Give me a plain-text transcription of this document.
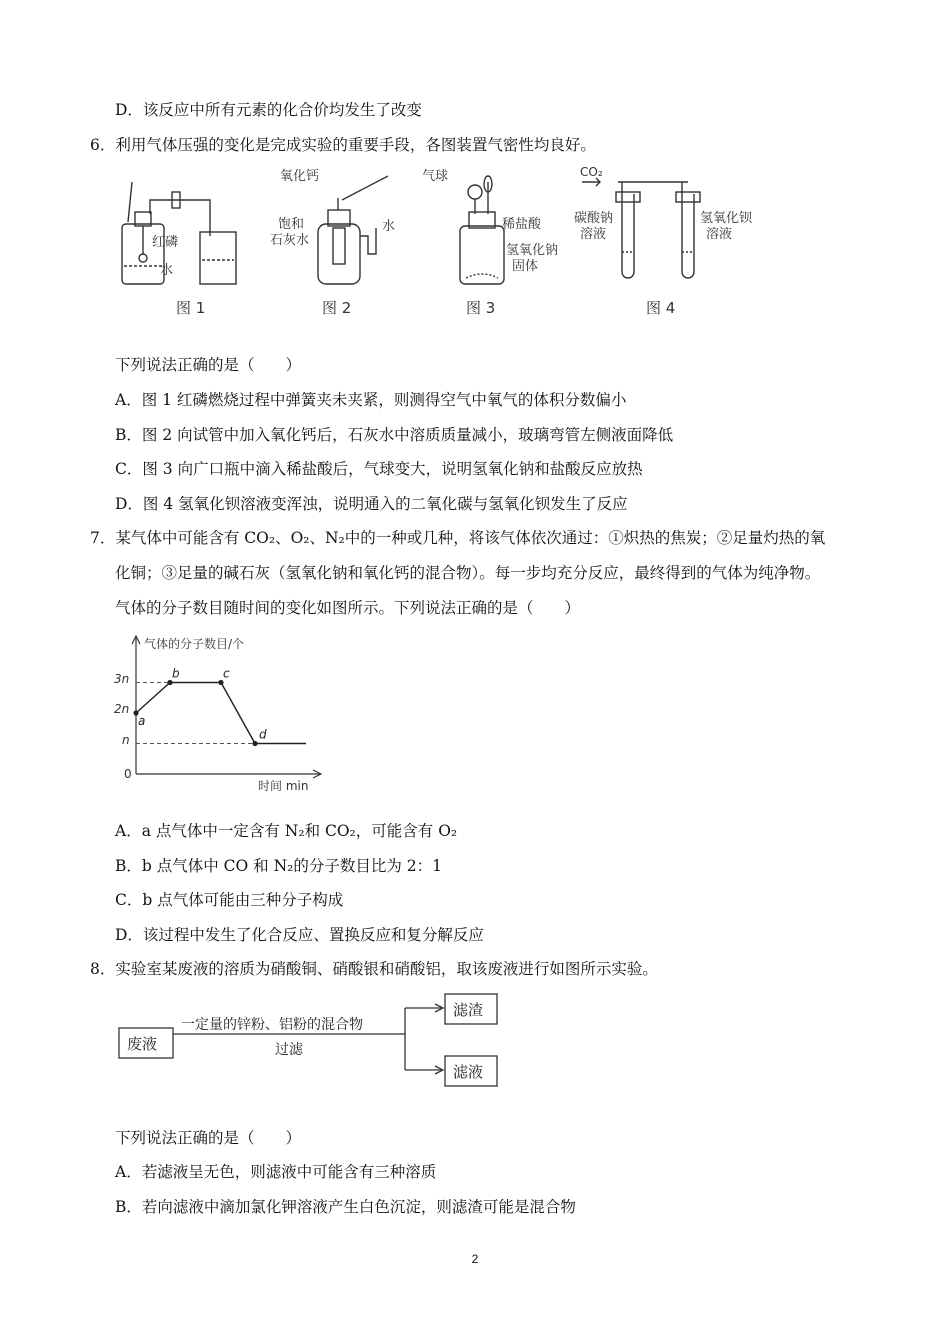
D．该反应中所有元素的化合价均发生了改变
6．利用气体压强的变化是完成实验的重要手段，各图装置气密性均良好。
红磷
水
氧化钙
饱和
石灰水
水
气球
稀盐酸
氢氧化钠
固体
图 1	图 2	图 3
CO₂
碳酸钠
溶液
氢氧化钡
溶液
图 4
下列说法正确的是（　　）
A．图 1 红磷燃烧过程中弹簧夹未夹紧，则测得空气中氧气的体积分数偏小
B．图 2 向试管中加入氧化钙后，石灰水中溶质质量减小，玻璃弯管左侧液面降低
C．图 3 向广口瓶中滴入稀盐酸后，气球变大，说明氢氧化钠和盐酸反应放热
D．图 4 氢氧化钡溶液变浑浊，说明通入的二氧化碳与氢氧化钡发生了反应
7．某气体中可能含有 CO₂、O₂、N₂中的一种或几种，将该气体依次通过：①炽热的焦炭；②足量灼热的氧
化铜；③足量的碱石灰（氢氧化钠和氧化钙的混合物）。每一步均充分反应，最终得到的气体为纯净物。
气体的分子数目随时间的变化如图所示。下列说法正确的是（　　）
气体的分子数目/个
时间 min
3n
2n
n
0
a
b	c
d
A．a 点气体中一定含有 N₂和 CO₂，可能含有 O₂
B．b 点气体中 CO 和 N₂的分子数目比为 2：1
C．b 点气体可能由三种分子构成
D．该过程中发生了化合反应、置换反应和复分解反应
8．实验室某废液的溶质为硝酸铜、硝酸银和硝酸铝，取该废液进行如图所示实验。
废液
一定量的锌粉、铝粉的混合物
过滤
滤渣
滤液
下列说法正确的是（　　）
A．若滤液呈无色，则滤液中可能含有三种溶质
B．若向滤液中滴加氯化钾溶液产生白色沉淀，则滤渣可能是混合物
2
